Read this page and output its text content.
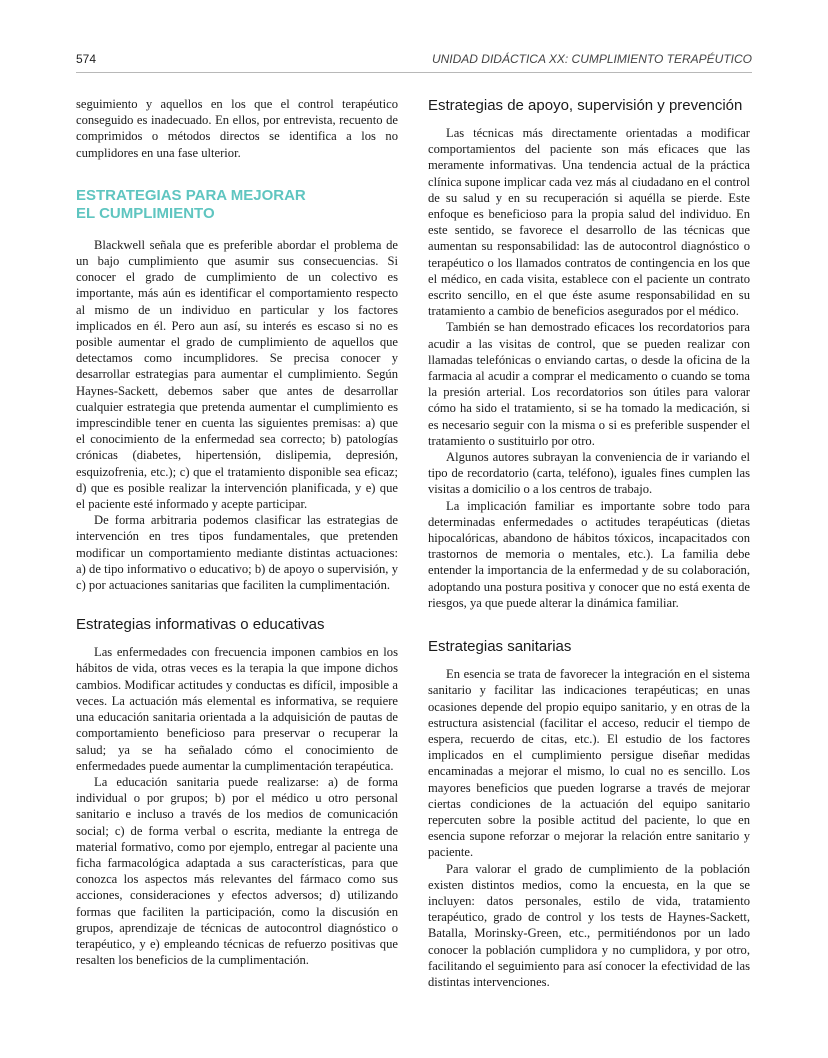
574	UNIDAD DIDÁCTICA XX: CUMPLIMIENTO TERAPÉUTICO

seguimiento y aquellos en los que el control terapéutico conseguido es inadecuado. En ellos, por entrevista, recuento de comprimidos o métodos directos se identifica a los no cumplidores en una fase ulterior.

ESTRATEGIAS PARA MEJORAR
EL CUMPLIMIENTO

Blackwell señala que es preferible abordar el problema de un bajo cumplimiento que asumir sus consecuencias. Si conocer el grado de cumplimiento de un colectivo es importante, más aún es identificar el comportamiento respecto al mismo de un individuo en particular y los factores implicados en él. Pero aun así, su interés es escaso si no es posible aumentar el grado de cumplimiento de aquellos que detectamos como incumplidores. Se precisa conocer y desarrollar estrategias para aumentar el cumplimiento. Según Haynes-Sackett, debemos saber que antes de desarrollar cualquier estrategia que pretenda aumentar el cumplimiento es imprescindible tener en cuenta las siguientes premisas: a) que el conocimiento de la enfermedad sea correcto; b) patologías crónicas (diabetes, hipertensión, dislipemia, depresión, esquizofrenia, etc.); c) que el tratamiento disponible sea eficaz; d) que es posible realizar la intervención planificada, y e) que el paciente esté informado y acepte participar.

De forma arbitraria podemos clasificar las estrategias de intervención en tres tipos fundamentales, que pretenden modificar un comportamiento mediante distintas actuaciones: a) de tipo informativo o educativo; b) de apoyo o supervisión, y c) por actuaciones sanitarias que faciliten la cumplimentación.

Estrategias informativas o educativas

Las enfermedades con frecuencia imponen cambios en los hábitos de vida, otras veces es la terapia la que impone dichos cambios. Modificar actitudes y conductas es difícil, imposible a veces. La actuación más elemental es informativa, se requiere una educación sanitaria orientada a la adquisición de pautas de comportamiento beneficioso para preservar o recuperar la salud; ya se ha señalado cómo el conocimiento de enfermedades puede aumentar la cumplimentación terapéutica.

La educación sanitaria puede realizarse: a) de forma individual o por grupos; b) por el médico u otro personal sanitario e incluso a través de los medios de comunicación social; c) de forma verbal o escrita, mediante la entrega de material formativo, como por ejemplo, entregar al paciente una ficha farmacológica adaptada a sus características, para que conozca los aspectos más relevantes del fármaco como sus acciones, consideraciones y efectos adversos; d) utilizando formas que faciliten la participación, como la discusión en grupos, aprendizaje de técnicas de autocontrol diagnóstico o terapéutico, y e) empleando técnicas de refuerzo positivas que resalten los beneficios de la cumplimentación.

Estrategias de apoyo, supervisión y prevención

Las técnicas más directamente orientadas a modificar comportamientos del paciente son más eficaces que las meramente informativas. Una tendencia actual de la práctica clínica supone implicar cada vez más al ciudadano en el control de su salud y en su recuperación si aquélla se pierde. Este enfoque es beneficioso para la propia salud del individuo. En este sentido, se favorece el desarrollo de las técnicas que aumentan su responsabilidad: las de autocontrol diagnóstico o terapéutico o los llamados contratos de contingencia en los que el médico, en cada visita, establece con el paciente un contrato escrito sencillo, en el que éste asume responsabilidad en su tratamiento a cambio de beneficios asegurados por el médico.

También se han demostrado eficaces los recordatorios para acudir a las visitas de control, que se pueden realizar con llamadas telefónicas o enviando cartas, o desde la oficina de la farmacia al acudir a comprar el medicamento o cuando se toma la presión arterial. Los recordatorios son útiles para valorar cómo ha sido el tratamiento, si se ha tomado la medicación, si es necesario seguir con la misma o si es preferible suspender el tratamiento o sustituirlo por otro.

Algunos autores subrayan la conveniencia de ir variando el tipo de recordatorio (carta, teléfono), iguales fines cumplen las visitas a domicilio o a los centros de trabajo.

La implicación familiar es importante sobre todo para determinadas enfermedades o actitudes terapéuticas (dietas hipocalóricas, abandono de hábitos tóxicos, incapacitados con trastornos de memoria o mentales, etc.). La familia debe entender la importancia de la enfermedad y de su colaboración, adoptando una postura positiva y conocer que no está exenta de riesgos, ya que puede alterar la dinámica familiar.

Estrategias sanitarias

En esencia se trata de favorecer la integración en el sistema sanitario y facilitar las indicaciones terapéuticas; en unas ocasiones depende del propio equipo sanitario, y en otras de la estructura asistencial (facilitar el acceso, reducir el tiempo de espera, recuerdo de citas, etc.). El estudio de los factores implicados en el cumplimiento persigue diseñar medidas encaminadas a mejorar el mismo, lo cual no es sencillo. Los mayores beneficios que pueden lograrse a través de mejorar ciertas condiciones de la actuación del equipo sanitario repercuten sobre la posible actitud del paciente, lo que en esencia supone reforzar o mejorar la relación entre sanitario y paciente.

Para valorar el grado de cumplimiento de la población existen distintos medios, como la encuesta, en la que se incluyen: datos personales, estilo de vida, tratamiento terapéutico, grado de control y los tests de Haynes-Sackett, Batalla, Morinsky-Green, etc., permitiéndonos por un lado conocer la población cumplidora y no cumplidora, y por otro, facilitando el seguimiento para así conocer la efectividad de las distintas intervenciones.
